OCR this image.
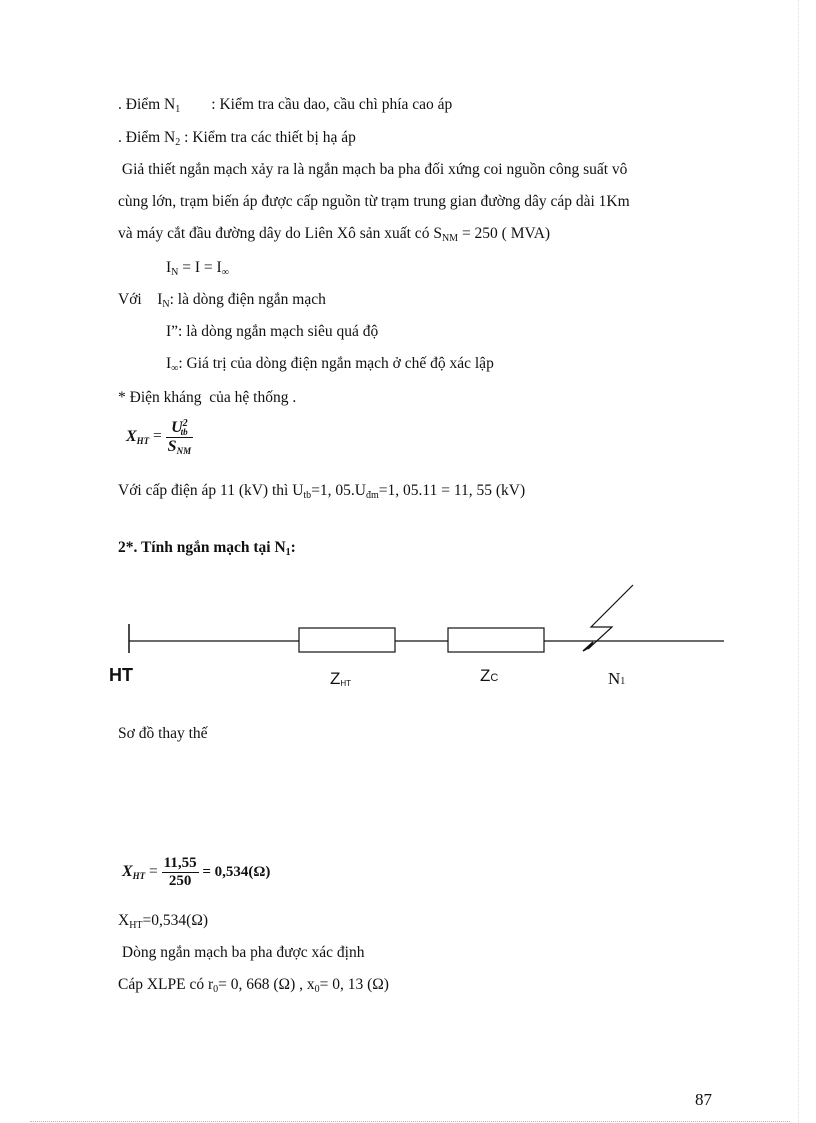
. Điểm $N_1$        : Kiểm tra cầu dao, cầu chì phía cao áp
. Điểm $N_2$ : Kiểm tra các thiết bị hạ áp
Giả thiết ngắn mạch xảy ra là ngắn mạch ba pha đối xứng coi nguồn công suất vô
cùng lớn, trạm biến áp được cấp nguồn từ trạm trung gian đường dây cáp dài 1Km
và máy cắt đầu đường dây do Liên Xô sản xuất có $S_{NM} = 250$ ( MVA)
$I_N = I = I_\infty$
Với    $I_N$: là dòng điện ngắn mạch
I”: là dòng ngắn mạch siêu quá độ
$I_\infty$: Giá trị của dòng điện ngắn mạch ở chế độ xác lập
* Điện kháng  của hệ thống .
$X_{HT} = \frac{U^2_{tb}}{S_{NM}}$
Với cấp điện áp 11 (kV) thì $U_{tb}=1$, $05.U_{đm}=1$, 05.11 = 11, 55 (kV)
2*. Tính ngắn mạch tại $N_1$:
HT	ZHT	ZC	N1
Sơ đồ thay thế
$X_{HT} = \frac{11,55}{250} = 0,534(\Omega)$
$X_{HT}=0,534(\Omega)$
Dòng ngắn mạch ba pha được xác định
Cáp XLPE có $r_0= 0$, 668 (Ω) , $x_0= 0$, 13 (Ω)
87
